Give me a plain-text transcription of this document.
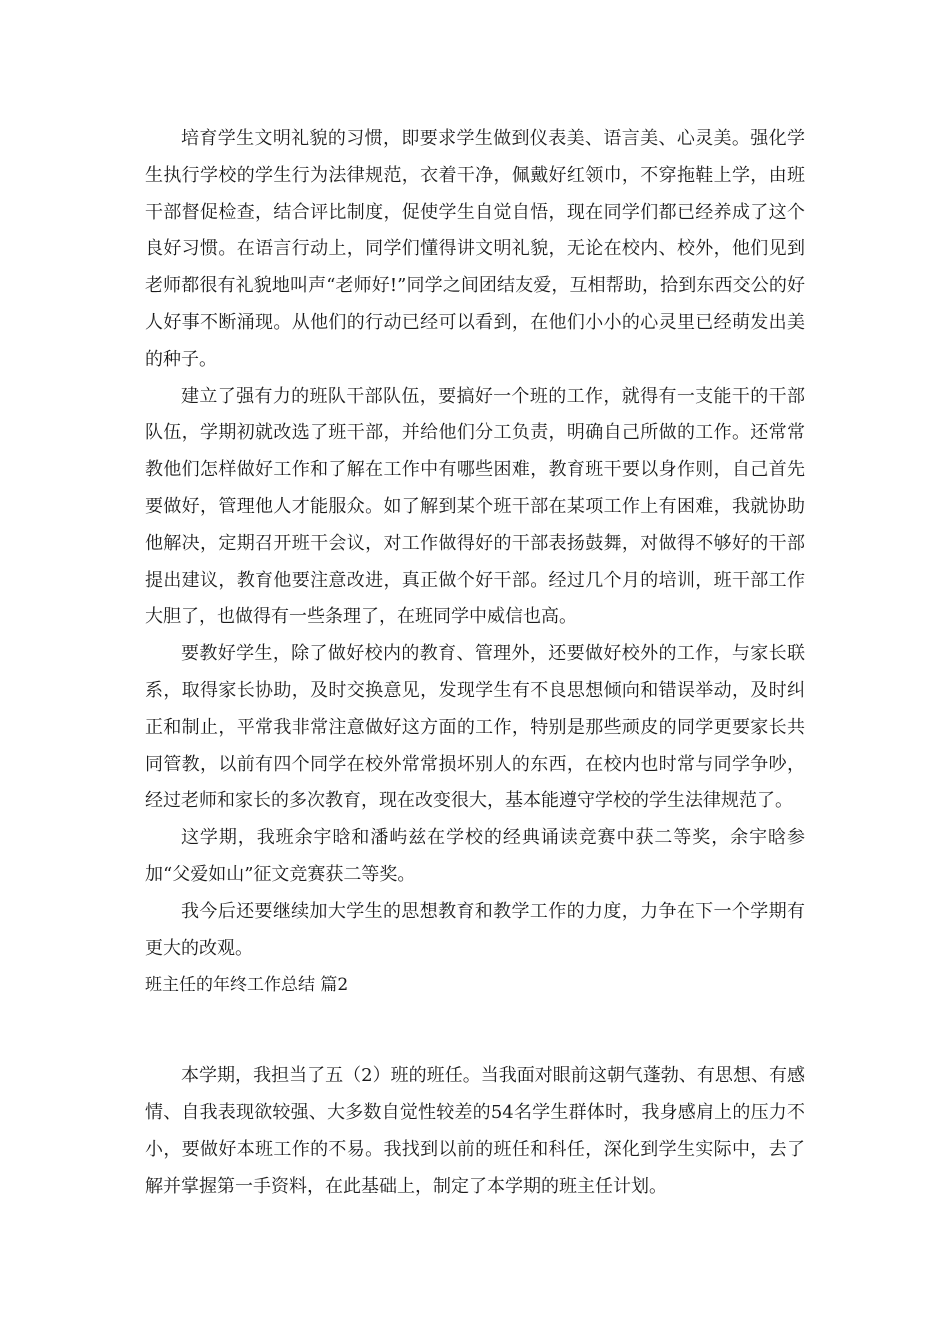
培育学生文明礼貌的习惯，即要求学生做到仪表美、语言美、心灵美。强化学生执行学校的学生行为法律规范，衣着干净，佩戴好红领巾，不穿拖鞋上学，由班干部督促检查，结合评比制度，促使学生自觉自悟，现在同学们都已经养成了这个良好习惯。在语言行动上，同学们懂得讲文明礼貌，无论在校内、校外，他们见到老师都很有礼貌地叫声“老师好!”同学之间团结友爱，互相帮助，拾到东西交公的好人好事不断涌现。从他们的行动已经可以看到，在他们小小的心灵里已经萌发出美的种子。

建立了强有力的班队干部队伍，要搞好一个班的工作，就得有一支能干的干部队伍，学期初就改选了班干部，并给他们分工负责，明确自己所做的工作。还常常教他们怎样做好工作和了解在工作中有哪些困难，教育班干要以身作则，自己首先要做好，管理他人才能服众。如了解到某个班干部在某项工作上有困难，我就协助他解决，定期召开班干会议，对工作做得好的干部表扬鼓舞，对做得不够好的干部提出建议，教育他要注意改进，真正做个好干部。经过几个月的培训，班干部工作大胆了，也做得有一些条理了，在班同学中威信也高。

要教好学生，除了做好校内的教育、管理外，还要做好校外的工作，与家长联系，取得家长协助，及时交换意见，发现学生有不良思想倾向和错误举动，及时纠正和制止，平常我非常注意做好这方面的工作，特别是那些顽皮的同学更要家长共同管教，以前有四个同学在校外常常损坏别人的东西，在校内也时常与同学争吵，经过老师和家长的多次教育，现在改变很大，基本能遵守学校的学生法律规范了。

这学期，我班余宇晗和潘屿兹在学校的经典诵读竞赛中获二等奖，余宇晗参加“父爱如山”征文竞赛获二等奖。

我今后还要继续加大学生的思想教育和教学工作的力度，力争在下一个学期有更大的改观。

班主任的年终工作总结 篇2

本学期，我担当了五（2）班的班任。当我面对眼前这朝气蓬勃、有思想、有感情、自我表现欲较强、大多数自觉性较差的54名学生群体时，我身感肩上的压力不小，要做好本班工作的不易。我找到以前的班任和科任，深化到学生实际中，去了解并掌握第一手资料，在此基础上，制定了本学期的班主任计划。
